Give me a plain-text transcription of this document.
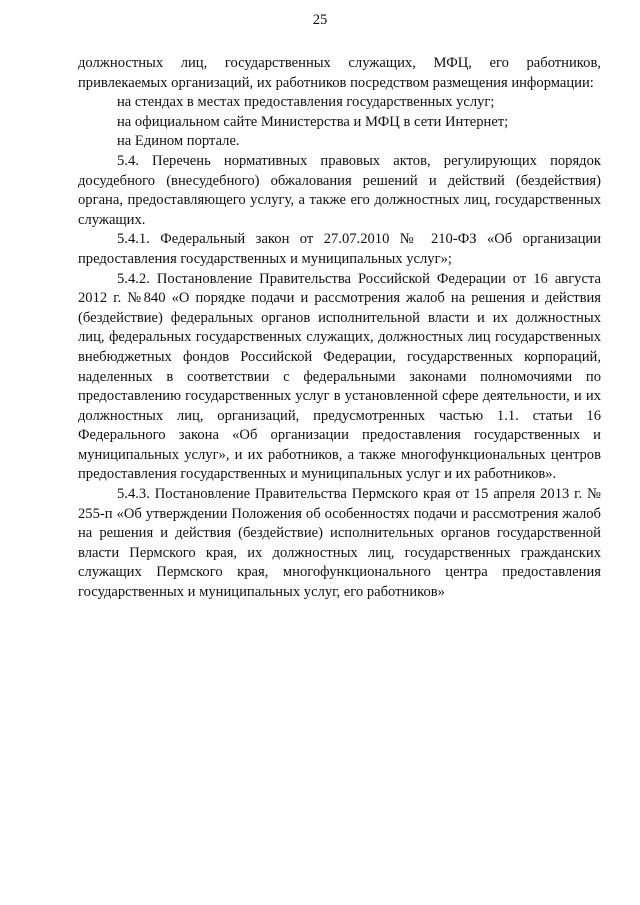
25

должностных лиц, государственных служащих, МФЦ, его работников, привлекаемых организаций, их работников посредством размещения информации:

на стендах в местах предоставления государственных услуг;

на официальном сайте Министерства и МФЦ в сети Интернет;

на Едином портале.

5.4. Перечень нормативных правовых актов, регулирующих порядок досудебного (внесудебного) обжалования решений и действий (бездействия) органа, предоставляющего услугу, а также его должностных лиц, государственных служащих.

5.4.1. Федеральный закон от 27.07.2010 № 210-ФЗ «Об организации предоставления государственных и муниципальных услуг»;

5.4.2. Постановление Правительства Российской Федерации от 16 августа 2012 г. №840 «О порядке подачи и рассмотрения жалоб на решения и действия (бездействие) федеральных органов исполнительной власти и их должностных лиц, федеральных государственных служащих, должностных лиц государственных внебюджетных фондов Российской Федерации, государственных корпораций, наделенных в соответствии с федеральными законами полномочиями по предоставлению государственных услуг в установленной сфере деятельности, и их должностных лиц, организаций, предусмотренных частью 1.1. статьи 16 Федерального закона «Об организации предоставления государственных и муниципальных услуг», и их работников, а также многофункциональных центров предоставления государственных и муниципальных услуг и их работников».

5.4.3. Постановление Правительства Пермского края от 15 апреля 2013 г. № 255-п «Об утверждении Положения об особенностях подачи и рассмотрения жалоб на решения и действия (бездействие) исполнительных органов государственной власти Пермского края, их должностных лиц, государственных гражданских служащих Пермского края, многофункционального центра предоставления государственных и муниципальных услуг, его работников»
